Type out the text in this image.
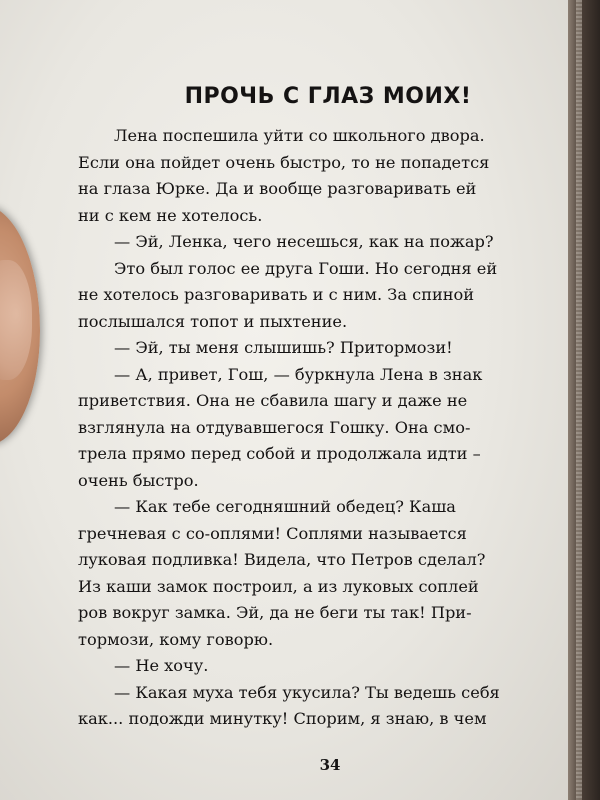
ПРОЧЬ С ГЛАЗ МОИХ!
Лена поспешила уйти со школьного двора.
Если она пойдет очень быстро, то не попадется
на глаза Юрке. Да и вообще разговаривать ей
ни с кем не хотелось.
— Эй, Ленка, чего несешься, как на пожар?
Это был голос ее друга Гоши. Но сегодня ей
не хотелось разговаривать и с ним. За спиной
послышался топот и пыхтение.
— Эй, ты меня слышишь? Притормози!
— А, привет, Гош, — буркнула Лена в знак
приветствия. Она не сбавила шагу и даже не
взглянула на отдувавшегося Гошку. Она смо-
трела прямо перед собой и продолжала идти –
очень быстро.
— Как тебе сегодняшний обедец? Каша
гречневая с со-оплями! Соплями называется
луковая подливка! Видела, что Петров сделал?
Из каши замок построил, а из луковых соплей
ров вокруг замка. Эй, да не беги ты так! При-
тормози, кому говорю.
— Не хочу.
— Какая муха тебя укусила? Ты ведешь себя
как... подожди минутку! Спорим, я знаю, в чем
34
